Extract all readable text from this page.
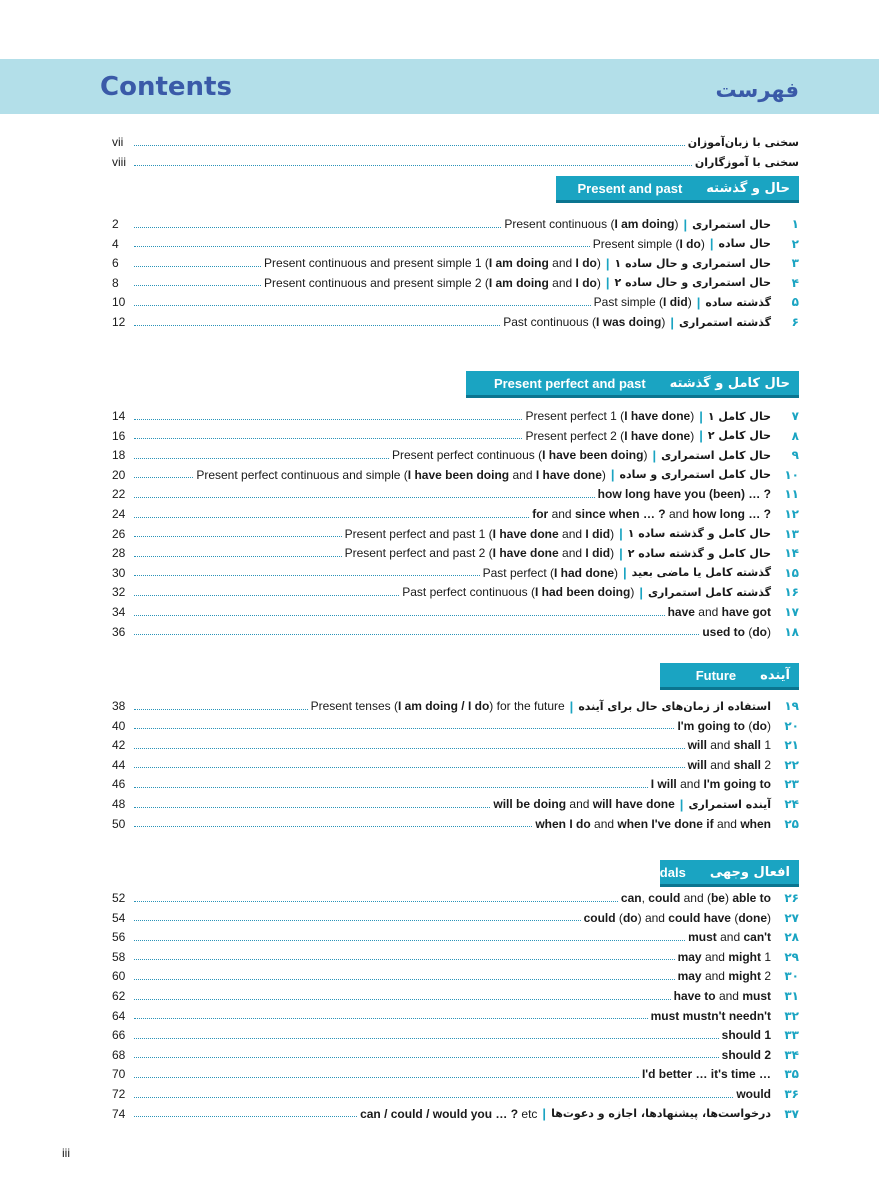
Contents	فهرست
vii	سخنی با زبان‌آموزان
viii	سخنی با آموزگاران
حال و گذشته
Present and past
2	Present continuous (I am doing) | حال استمراری	۱
4	Present simple (I do) | حال ساده	۲
6	Present continuous and present simple 1 (I am doing and I do) | حال استمراری و حال ساده ۱	۳
8	Present continuous and present simple 2 (I am doing and I do) | حال استمراری و حال ساده ۲	۴
10	Past simple (I did) | گذشته ساده	۵
12	Past continuous (I was doing) | گذشته استمراری	۶
حال کامل و گذشته
Present perfect and past
14	Present perfect 1 (I have done) | حال کامل ۱	۷
16	Present perfect 2 (I have done) | حال کامل ۲	۸
18	Present perfect continuous (I have been doing) | حال کامل استمراری	۹
20	Present perfect continuous and simple (I have been doing and I have done) | حال کامل استمراری و ساده	۱۰
22	how long have you (been) … ?	۱۱
24	for and since when … ? and how long … ?	۱۲
26	Present perfect and past 1 (I have done and I did) | حال کامل و گذشته ساده ۱	۱۳
28	Present perfect and past 2 (I have done and I did) | حال کامل و گذشته ساده ۲	۱۴
30	Past perfect (I had done) | گذشته کامل یا ماضی بعید	۱۵
32	Past perfect continuous (I had been doing) | گذشته کامل استمراری	۱۶
34	have and have got	۱۷
36	used to (do)	۱۸
آینده
Future
38	Present tenses (I am doing / I do) for the future | استفاده از زمان‌های حال برای آینده	۱۹
40	I'm going to (do)	۲۰
42	will and shall 1	۲۱
44	will and shall 2	۲۲
46	I will and I'm going to	۲۳
48	will be doing and will have done | آینده استمراری	۲۴
50	when I do and when I've done if and when	۲۵
افعال وجهی
Modals
52	can, could and (be) able to	۲۶
54	could (do) and could have (done)	۲۷
56	must and can't	۲۸
58	may and might 1	۲۹
60	may and might 2	۳۰
62	have to and must	۳۱
64	must mustn't needn't	۳۲
66	should 1	۳۳
68	should 2	۳۴
70	I'd better … it's time …	۳۵
72	would	۳۶
74	can / could / would you … ? etc | درخواست‌ها، پیشنهادها، اجازه و دعوت‌ها	۳۷
iii
